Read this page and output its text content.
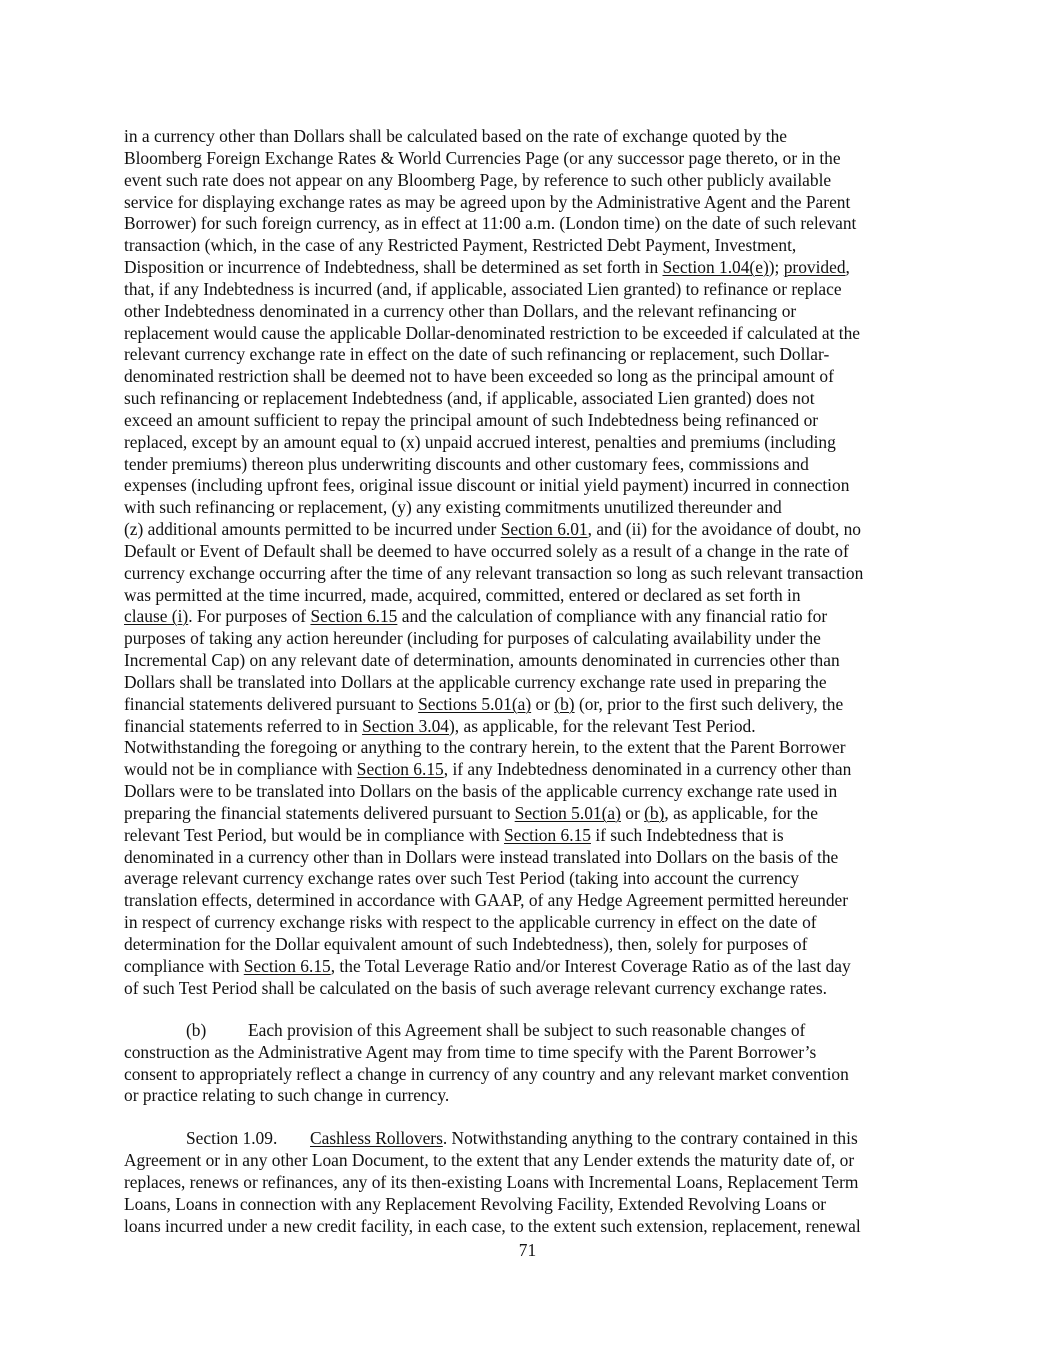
in a currency other than Dollars shall be calculated based on the rate of exchange quoted by the
Bloomberg Foreign Exchange Rates & World Currencies Page (or any successor page thereto, or in the
event such rate does not appear on any Bloomberg Page, by reference to such other publicly available
service for displaying exchange rates as may be agreed upon by the Administrative Agent and the Parent
Borrower) for such foreign currency, as in effect at 11:00 a.m. (London time) on the date of such relevant
transaction (which, in the case of any Restricted Payment, Restricted Debt Payment, Investment,
Disposition or incurrence of Indebtedness, shall be determined as set forth in Section 1.04(e)); provided,
that, if any Indebtedness is incurred (and, if applicable, associated Lien granted) to refinance or replace
other Indebtedness denominated in a currency other than Dollars, and the relevant refinancing or
replacement would cause the applicable Dollar-denominated restriction to be exceeded if calculated at the
relevant currency exchange rate in effect on the date of such refinancing or replacement, such Dollar-
denominated restriction shall be deemed not to have been exceeded so long as the principal amount of
such refinancing or replacement Indebtedness (and, if applicable, associated Lien granted) does not
exceed an amount sufficient to repay the principal amount of such Indebtedness being refinanced or
replaced, except by an amount equal to (x) unpaid accrued interest, penalties and premiums (including
tender premiums) thereon plus underwriting discounts and other customary fees, commissions and
expenses (including upfront fees, original issue discount or initial yield payment) incurred in connection
with such refinancing or replacement, (y) any existing commitments unutilized thereunder and
(z) additional amounts permitted to be incurred under Section 6.01, and (ii) for the avoidance of doubt, no
Default or Event of Default shall be deemed to have occurred solely as a result of a change in the rate of
currency exchange occurring after the time of any relevant transaction so long as such relevant transaction
was permitted at the time incurred, made, acquired, committed, entered or declared as set forth in
clause (i). For purposes of Section 6.15 and the calculation of compliance with any financial ratio for
purposes of taking any action hereunder (including for purposes of calculating availability under the
Incremental Cap) on any relevant date of determination, amounts denominated in currencies other than
Dollars shall be translated into Dollars at the applicable currency exchange rate used in preparing the
financial statements delivered pursuant to Sections 5.01(a) or (b) (or, prior to the first such delivery, the
financial statements referred to in Section 3.04), as applicable, for the relevant Test Period.
Notwithstanding the foregoing or anything to the contrary herein, to the extent that the Parent Borrower
would not be in compliance with Section 6.15, if any Indebtedness denominated in a currency other than
Dollars were to be translated into Dollars on the basis of the applicable currency exchange rate used in
preparing the financial statements delivered pursuant to Section 5.01(a) or (b), as applicable, for the
relevant Test Period, but would be in compliance with Section 6.15 if such Indebtedness that is
denominated in a currency other than in Dollars were instead translated into Dollars on the basis of the
average relevant currency exchange rates over such Test Period (taking into account the currency
translation effects, determined in accordance with GAAP, of any Hedge Agreement permitted hereunder
in respect of currency exchange risks with respect to the applicable currency in effect on the date of
determination for the Dollar equivalent amount of such Indebtedness), then, solely for purposes of
compliance with Section 6.15, the Total Leverage Ratio and/or Interest Coverage Ratio as of the last day
of such Test Period shall be calculated on the basis of such average relevant currency exchange rates.
(b) Each provision of this Agreement shall be subject to such reasonable changes of
construction as the Administrative Agent may from time to time specify with the Parent Borrower’s
consent to appropriately reflect a change in currency of any country and any relevant market convention
or practice relating to such change in currency.
Section 1.09. Cashless Rollovers. Notwithstanding anything to the contrary contained in this
Agreement or in any other Loan Document, to the extent that any Lender extends the maturity date of, or
replaces, renews or refinances, any of its then-existing Loans with Incremental Loans, Replacement Term
Loans, Loans in connection with any Replacement Revolving Facility, Extended Revolving Loans or
loans incurred under a new credit facility, in each case, to the extent such extension, replacement, renewal
71
